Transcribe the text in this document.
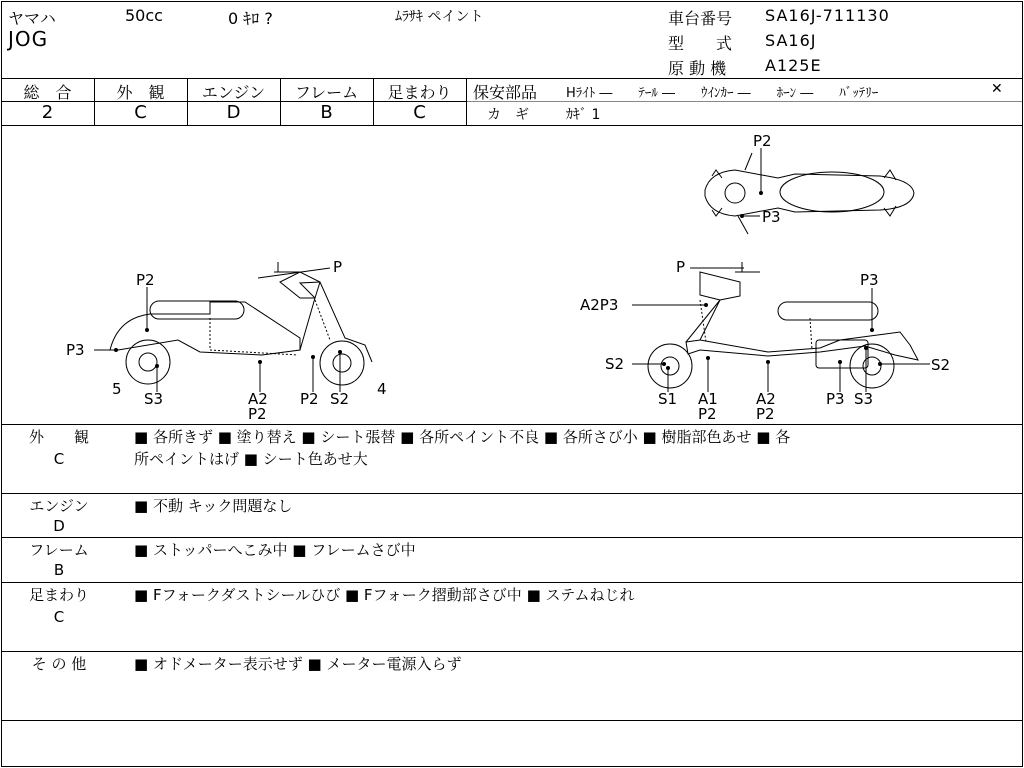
ヤマハ	50cc	0 ｷﾛ ?	ﾑﾗｻｷ ペイント
JOG
車台番号 SA16J-711130
型　　式 SA16J
原 動 機 A125E
総　合	外　観	エンジン	フレーム	足まわり
2	C	D	B	C
保安部品 Hﾗｲﾄ ―　　ﾃｰﾙ ―　　ｳｲﾝｶｰ ―　　ﾎｰﾝ ―　　ﾊﾞｯﾃﾘｰ	✕
カ　ギ	ｶｷﾞ 1
P2
P3
P
P2
P3
5
S3	A2
P2
P2 S2
4
P
A2P3
P3
S2	S2
S1 A1
P2
A2
P2
P3 S3
外　　観
C
■ 各所きず ■ 塗り替え ■ シート張替 ■ 各所ペイント不良 ■ 各所さび小 ■ 樹脂部色あせ ■ 各
所ペイントはげ ■ シート色あせ大
エンジン
D
■ 不動 キック問題なし
フレーム
B
■ ストッパーへこみ中 ■ フレームさび中
足まわり
C
■ Fフォークダストシールひび ■ Fフォーク摺動部さび中 ■ ステムねじれ
そ の 他	■ オドメーター表示せず ■ メーター電源入らず
